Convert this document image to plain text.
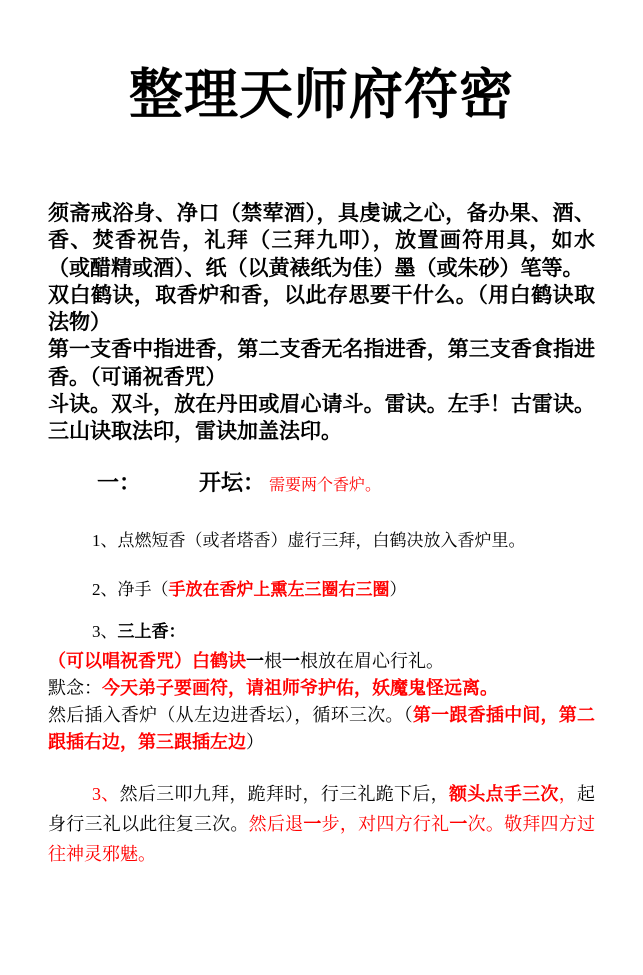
整理天师府符密

须斋戒浴身、净口（禁荤酒），具虔诚之心，备办果、酒、香、焚香祝告，礼拜（三拜九叩），放置画符用具，如水（或醋精或酒）、纸（以黄裱纸为佳）墨（或朱砂）笔等。

双白鹤诀，取香炉和香，以此存思要干什么。（用白鹤诀取法物）

第一支香中指进香，第二支香无名指进香，第三支香食指进香。（可诵祝香咒）

斗诀。双斗，放在丹田或眉心请斗。雷诀。左手！古雷诀。三山诀取法印，雷诀加盖法印。

一：	开坛： 需要两个香炉。
1、点燃短香（或者塔香）虚行三拜，白鹤决放入香炉里。
2、净手（手放在香炉上熏左三圈右三圈）
3、三上香：
（可以唱祝香咒）白鹤诀一根一根放在眉心行礼。
默念：今天弟子要画符，请祖师爷护佑，妖魔鬼怪远离。
然后插入香炉（从左边进香坛），循环三次。（第一跟香插中间，第二跟插右边，第三跟插左边）
3、然后三叩九拜，跪拜时，行三礼跪下后，额头点手三次，起身行三礼以此往复三次。然后退一步，对四方行礼一次。敬拜四方过往神灵邪魅。
